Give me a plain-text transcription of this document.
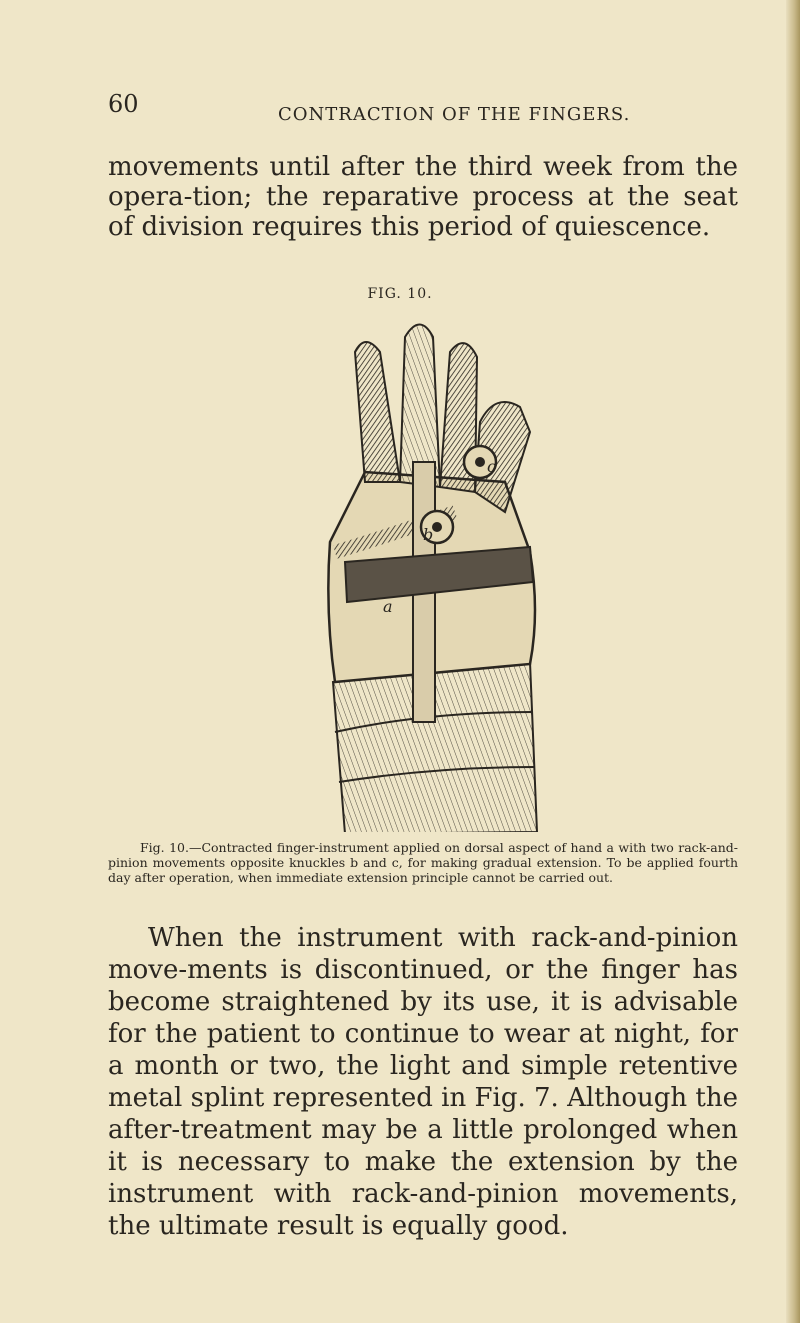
60	CONTRACTION OF THE FINGERS.

movements until after the third week from the opera-tion; the reparative process at the seat of division requires this period of quiescence.

FIG. 10.
c
b
a

Fig. 10.—Contracted finger-instrument applied on dorsal aspect of hand a with two rack-and-pinion movements opposite knuckles b and c, for making gradual extension. To be applied fourth day after operation, when immediate extension principle cannot be carried out.

When the instrument with rack-and-pinion move-ments is discontinued, or the finger has become straightened by its use, it is advisable for the patient to continue to wear at night, for a month or two, the light and simple retentive metal splint represented in Fig. 7. Although the after-treatment may be a little prolonged when it is necessary to make the extension by the instrument with rack-and-pinion movements, the ultimate result is equally good.
